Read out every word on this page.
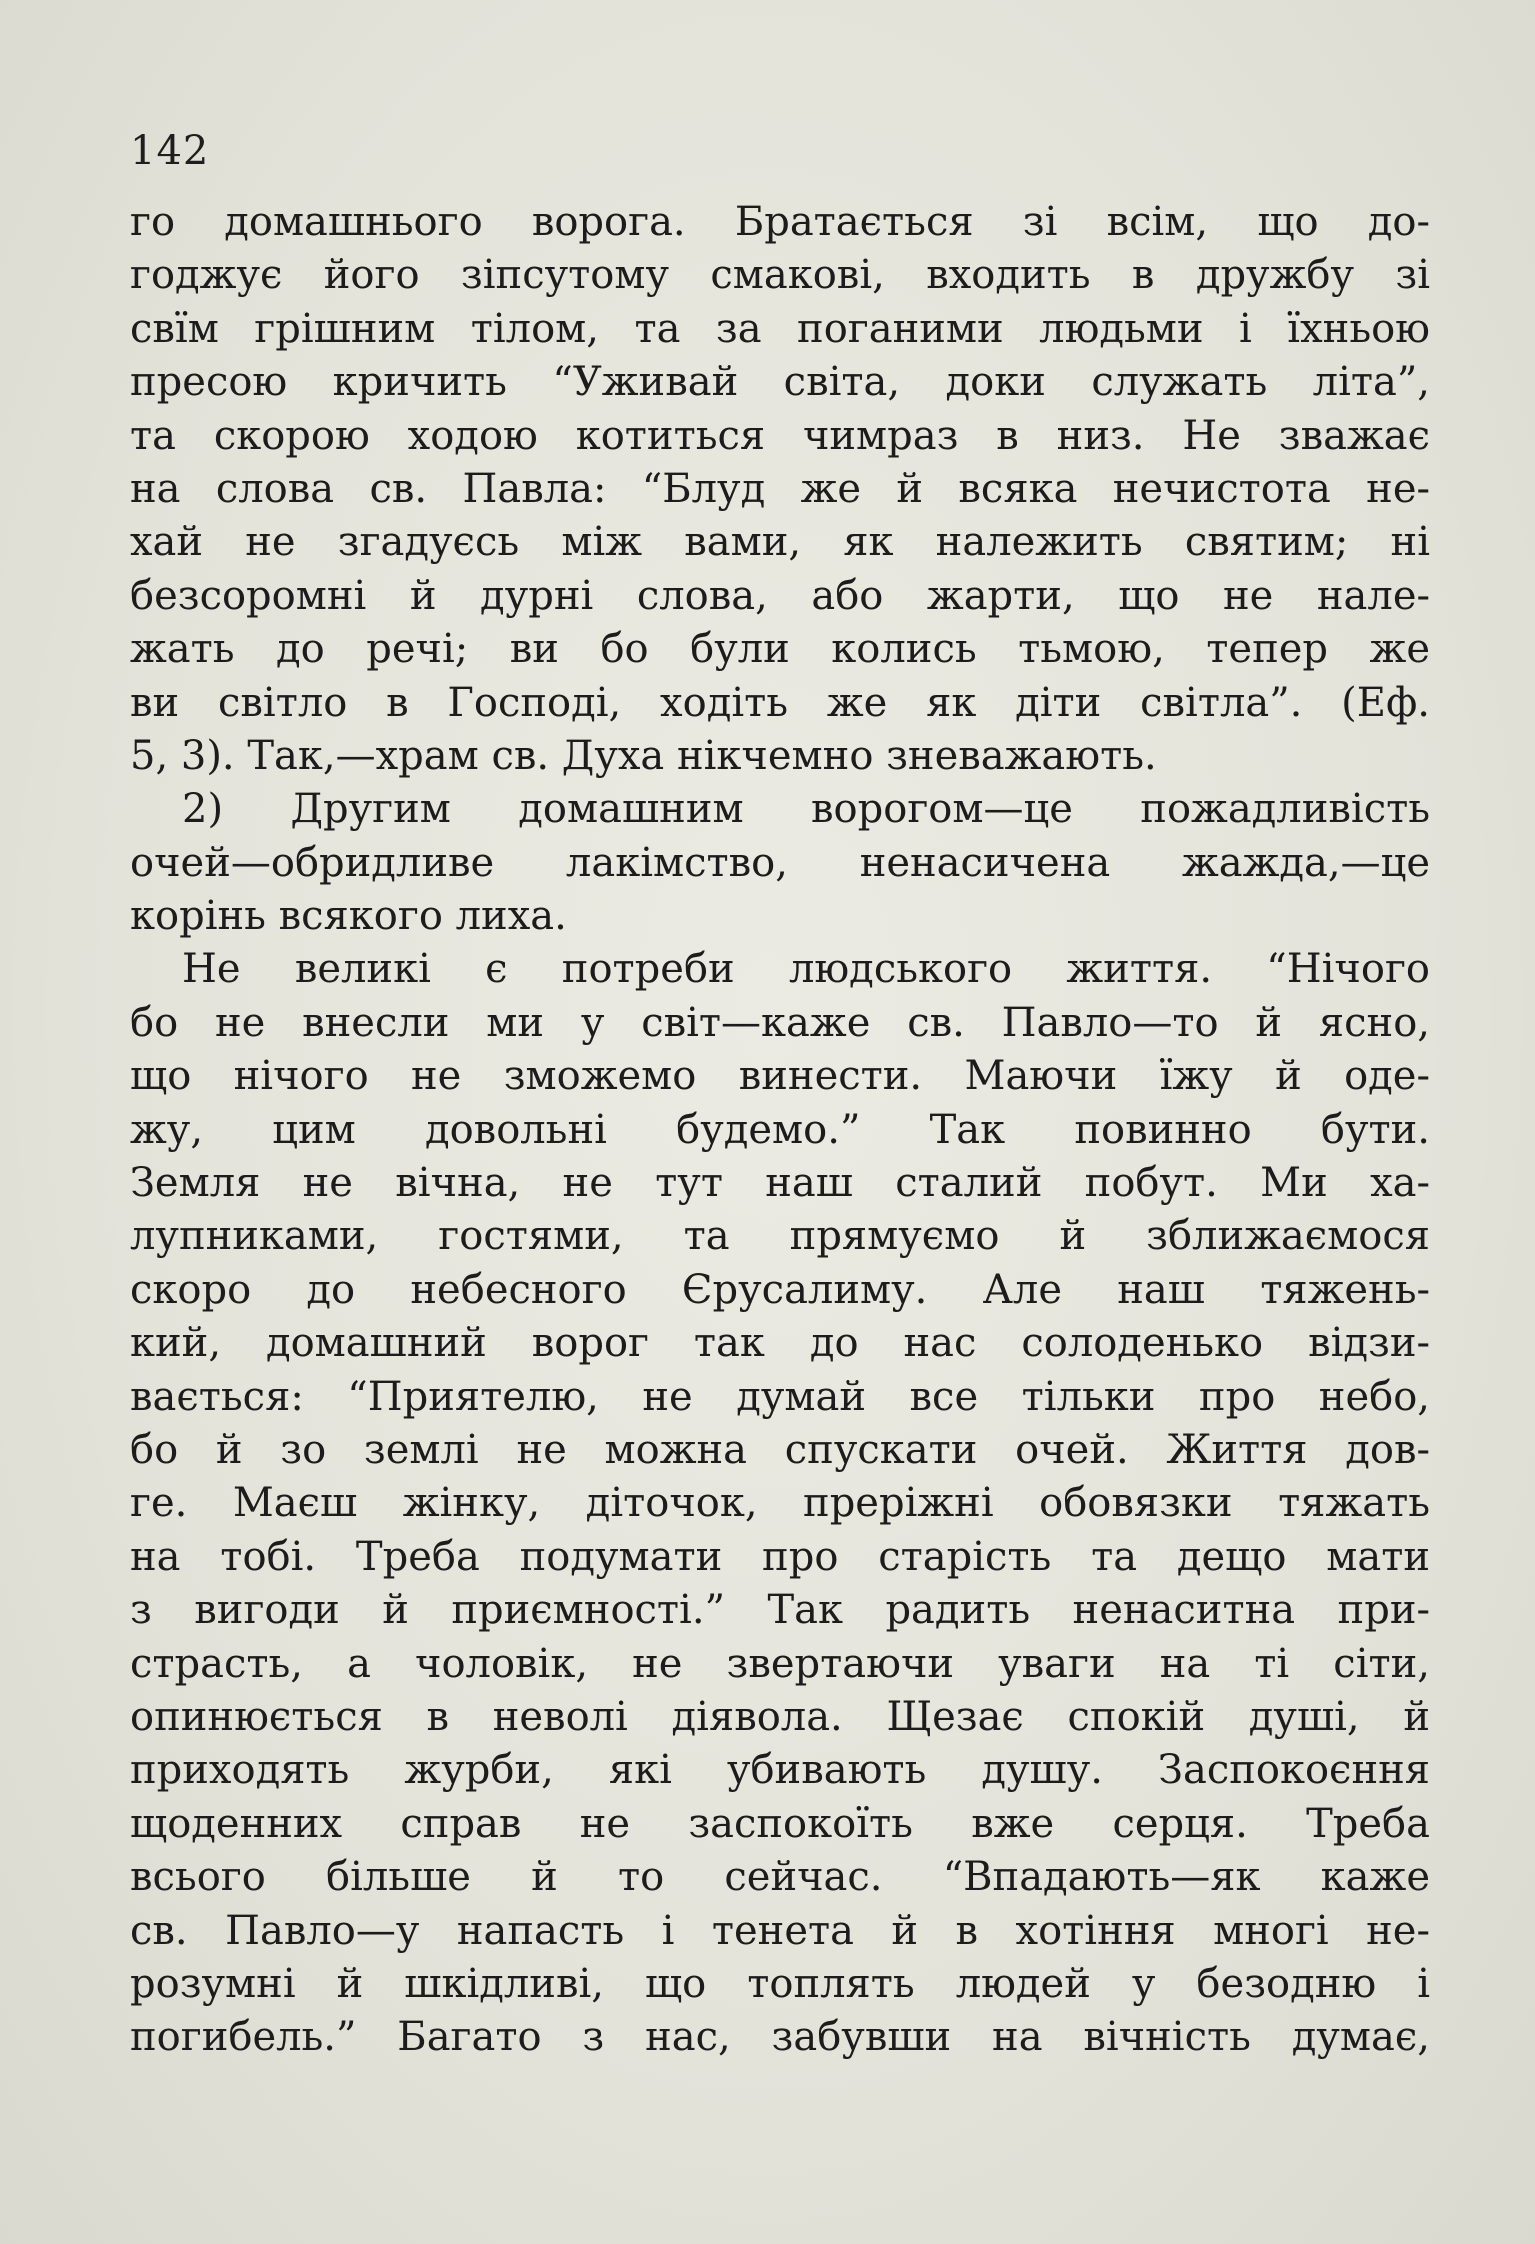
142
го домашнього ворога. Братається зі всім, що до-
годжує його зіпсутому смакові, входить в дружбу зі
свїм грішним тілом, та за поганими людьми і їхньою
пресою кричить “Уживай світа, доки служать літа”,
та скорою ходою котиться чимраз в низ. Не зважає
на слова св. Павла: “Блуд же й всяка нечистота не-
хай не згадуєсь між вами, як належить святим; ні
безсоромні й дурні слова, або жарти, що не нале-
жать до речі; ви бо були колись тьмою, тепер же
ви світло в Господі, ходіть же як діти світла”. (Еф.
5, 3). Так,—храм св. Духа нікчемно зневажають.
2) Другим домашним ворогом—це пожадливість
очей—обридливе лакімство, ненасичена жажда,—це
корінь всякого лиха.
Не великі є потреби людського життя. “Нічого
бо не внесли ми у світ—каже св. Павло—то й ясно,
що нічого не зможемо винести. Маючи їжу й оде-
жу, цим довольні будемо.” Так повинно бути.
Земля не вічна, не тут наш сталий побут. Ми ха-
лупниками, гостями, та прямуємо й зближаємося
скоро до небесного Єрусалиму. Але наш тяжень-
кий, домашний ворог так до нас солоденько відзи-
вається: “Приятелю, не думай все тільки про небо,
бо й зо землі не можна спускати очей. Життя дов-
ге. Маєш жінку, діточок, преріжні обовязки тяжать
на тобі. Треба подумати про старість та дещо мати
з вигоди й приємності.” Так радить ненаситна при-
страсть, а чоловік, не звертаючи уваги на ті сіти,
опинюється в неволі діявола. Щезає спокій душі, й
приходять журби, які убивають душу. Заспокоєння
щоденних справ не заспокоїть вже серця. Треба
всього більше й то сейчас. “Впадають—як каже
св. Павло—у напасть і тенета й в хотіння многі не-
розумні й шкідливі, що топлять людей у безодню і
погибель.” Багато з нас, забувши на вічність думає,
